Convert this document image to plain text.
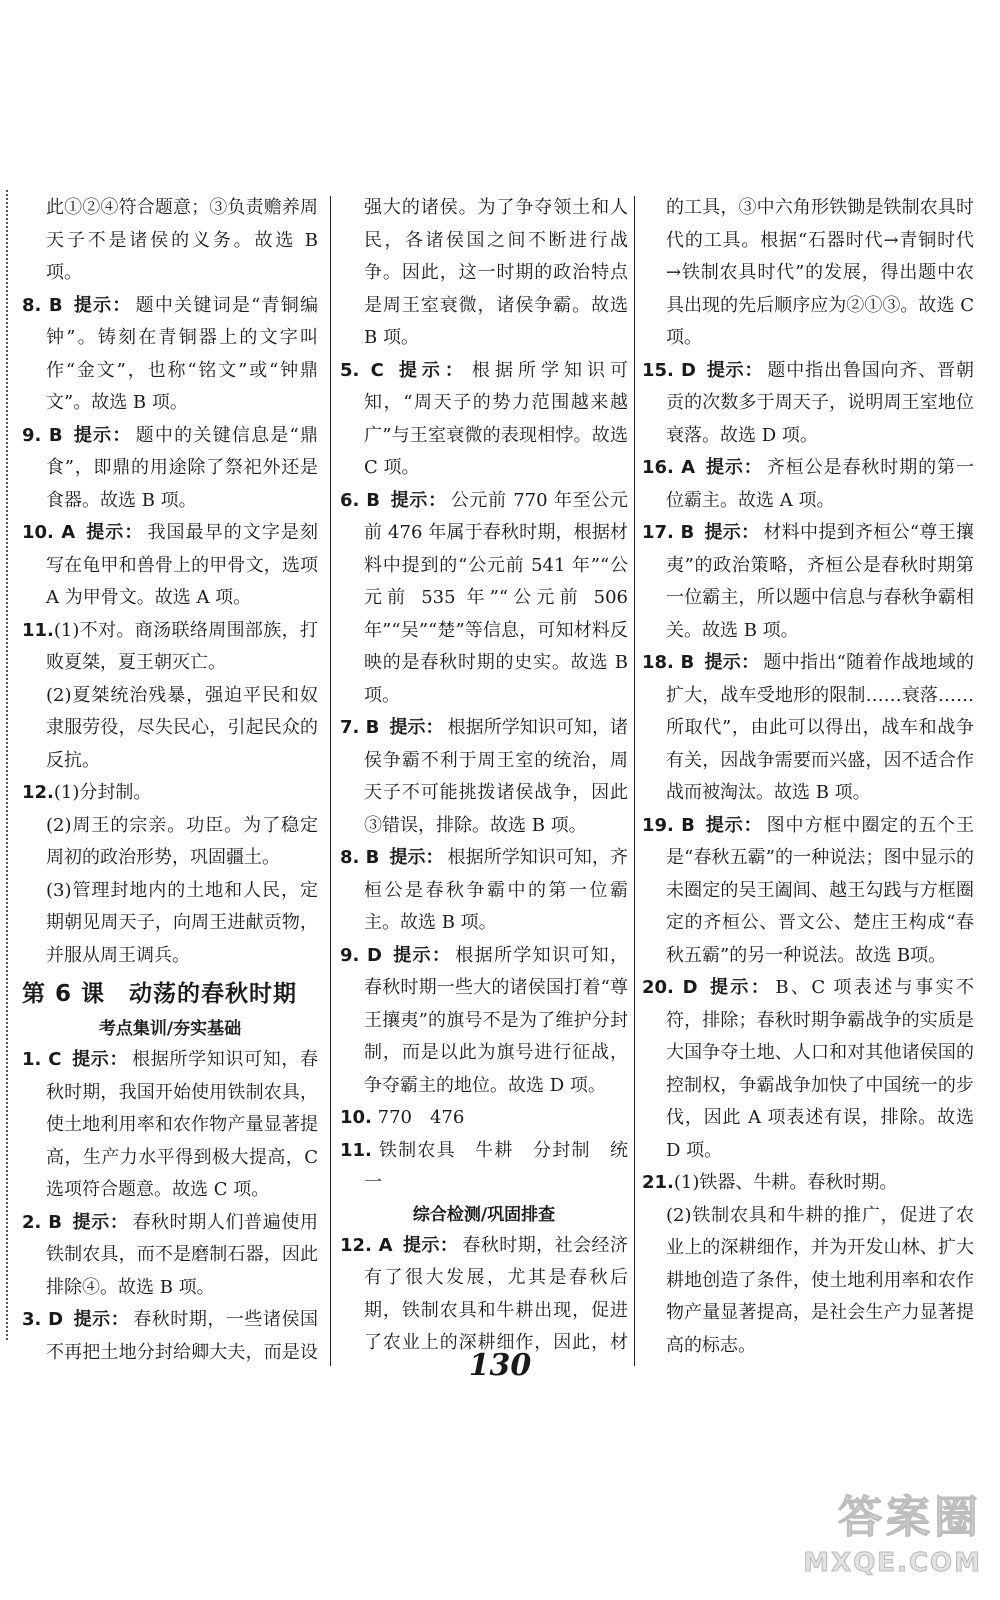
此①②④符合题意；③负责赡养周天子不是诸侯的义务。故选 B 项。

8. B 提示： 题中关键词是“青铜编钟”。铸刻在青铜器上的文字叫作“金文”，也称“铭文”或“钟鼎文”。故选 B 项。

9. B 提示： 题中的关键信息是“鼎食”，即鼎的用途除了祭祀外还是食器。故选 B 项。

10. A 提示： 我国最早的文字是刻写在龟甲和兽骨上的甲骨文，选项 A 为甲骨文。故选 A 项。

11.(1)不对。商汤联络周围部族，打败夏桀，夏王朝灭亡。

(2)夏桀统治残暴，强迫平民和奴隶服劳役，尽失民心，引起民众的反抗。

12.(1)分封制。

(2)周王的宗亲。功臣。为了稳定周初的政治形势，巩固疆土。

(3)管理封地内的土地和人民，定期朝见周天子，向周王进献贡物，并服从周王调兵。

第 6 课　动荡的春秋时期

考点集训/夯实基础

1. C 提示： 根据所学知识可知，春秋时期，我国开始使用铁制农具，使土地利用率和农作物产量显著提高，生产力水平得到极大提高，C 选项符合题意。故选 C 项。

2. B 提示： 春秋时期人们普遍使用铁制农具，而不是磨制石器，因此排除④。故选 B 项。

3. D 提示： 春秋时期，一些诸侯国不再把土地分封给卿大夫，而是设

强大的诸侯。为了争夺领土和人民，各诸侯国之间不断进行战争。因此，这一时期的政治特点是周王室衰微，诸侯争霸。故选 B 项。

5. C 提示： 根据所学知识可知，“周天子的势力范围越来越广”与王室衰微的表现相悖。故选 C 项。

6. B 提示： 公元前 770 年至公元前 476 年属于春秋时期，根据材料中提到的“公元前 541 年”“公元前 535 年”“公元前 506 年”“吴”“楚”等信息，可知材料反映的是春秋时期的史实。故选 B 项。

7. B 提示： 根据所学知识可知，诸侯争霸不利于周王室的统治，周天子不可能挑拨诸侯战争，因此③错误，排除。故选 B 项。

8. B 提示： 根据所学知识可知，齐桓公是春秋争霸中的第一位霸主。故选 B 项。

9. D 提示： 根据所学知识可知，春秋时期一些大的诸侯国打着“尊王攘夷”的旗号不是为了维护分封制，而是以此为旗号进行征战，争夺霸主的地位。故选 D 项。

10. 770　476

11. 铁制农具　牛耕　分封制　统一

综合检测/巩固排查

12. A 提示： 春秋时期，社会经济有了很大发展，尤其是春秋后期，铁制农具和牛耕出现，促进了农业上的深耕细作，因此，材

的工具，③中六角形铁锄是铁制农具时代的工具。根据“石器时代→青铜时代→铁制农具时代”的发展，得出题中农具出现的先后顺序应为②①③。故选 C 项。

15. D 提示： 题中指出鲁国向齐、晋朝贡的次数多于周天子，说明周王室地位衰落。故选 D 项。

16. A 提示： 齐桓公是春秋时期的第一位霸主。故选 A 项。

17. B 提示： 材料中提到齐桓公“尊王攘夷”的政治策略，齐桓公是春秋时期第一位霸主，所以题中信息与春秋争霸相关。故选 B 项。

18. B 提示： 题中指出“随着作战地域的扩大，战车受地形的限制……衰落……所取代”，由此可以得出，战车和战争有关，因战争需要而兴盛，因不适合作战而被淘汰。故选 B 项。

19. B 提示： 图中方框中圈定的五个王是“春秋五霸”的一种说法；图中显示的未圈定的吴王阖闾、越王勾践与方框圈定的齐桓公、晋文公、楚庄王构成“春秋五霸”的另一种说法。故选 B项。

20. D 提示： B、C 项表述与事实不符，排除；春秋时期争霸战争的实质是大国争夺土地、人口和对其他诸侯国的控制权，争霸战争加快了中国统一的步伐，因此 A 项表述有误，排除。故选 D 项。

21.(1)铁器、牛耕。春秋时期。

(2)铁制农具和牛耕的推广，促进了农业上的深耕细作，并为开发山林、扩大耕地创造了条件，使土地利用率和农作物产量显著提高，是社会生产力显著提高的标志。

130
答案圈
MXQE.COM
